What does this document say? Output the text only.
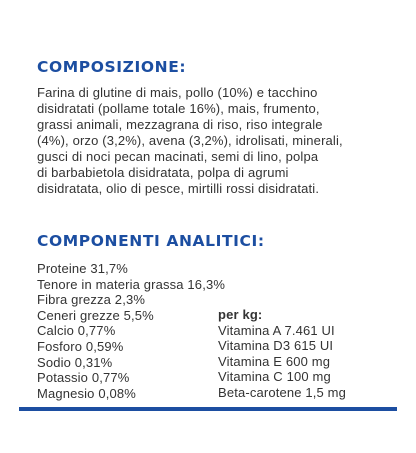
COMPOSIZIONE:

Farina di glutine di mais, pollo (10%) e tacchino
disidratati (pollame totale 16%), mais, frumento,
grassi animali, mezzagrana di riso, riso integrale
(4%), orzo (3,2%), avena (3,2%), idrolisati, minerali,
gusci di noci pecan macinati, semi di lino, polpa
di barbabietola disidratata, polpa di agrumi
disidratata, olio di pesce, mirtilli rossi disidratati.

COMPONENTI ANALITICI:
Proteine 31,7%
Tenore in materia grassa 16,3%
Fibra grezza 2,3%
Ceneri grezze 5,5%
Calcio 0,77%
Fosforo 0,59%
Sodio 0,31%
Potassio 0,77%
Magnesio 0,08%
per kg:
Vitamina A 7.461 UI
Vitamina D3 615 UI
Vitamina E 600 mg
Vitamina C 100 mg
Beta-carotene 1,5 mg
